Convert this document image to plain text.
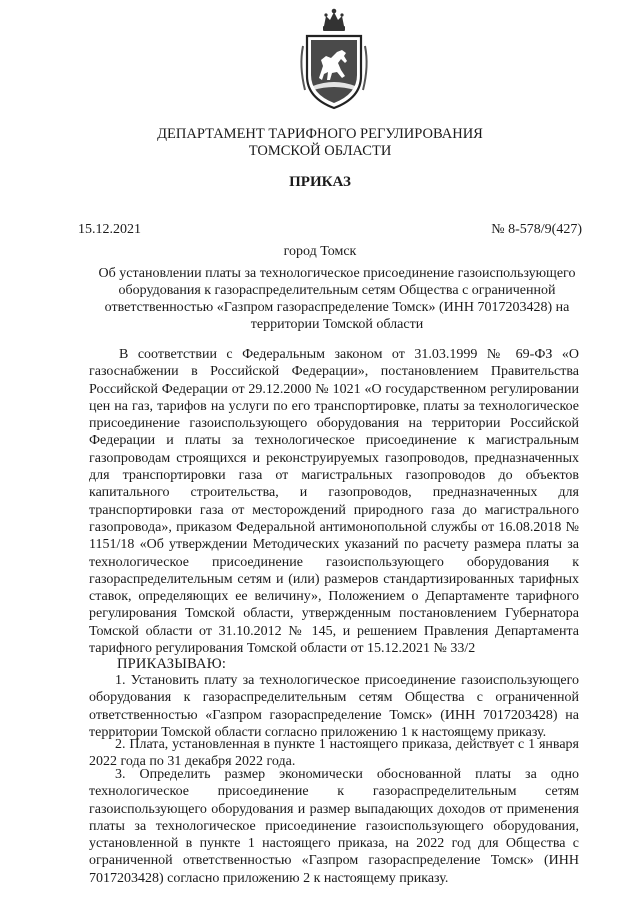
ДЕПАРТАМЕНТ ТАРИФНОГО РЕГУЛИРОВАНИЯ
ТОМСКОЙ ОБЛАСТИ
ПРИКАЗ
15.12.2021	№ 8-578/9(427)
город Томск
Об установлении платы за технологическое присоединение газоиспользующего оборудования к газораспределительным сетям Общества с ограниченной ответственностью «Газпром газораспределение Томск» (ИНН 7017203428) на территории Томской области

В соответствии с Федеральным законом от 31.03.1999 № 69-ФЗ «О газоснабжении в Российской Федерации», постановлением Правительства Российской Федерации от 29.12.2000 № 1021 «О государственном регулировании цен на газ, тарифов на услуги по его транспортировке, платы за технологическое присоединение газоиспользующего оборудования на территории Российской Федерации и платы за технологическое присоединение к магистральным газопроводам строящихся и реконструируемых газопроводов, предназначенных для транспортировки газа от магистральных газопроводов до объектов капитального строительства, и газопроводов, предназначенных для транспортировки газа от месторождений природного газа до магистрального газопровода», приказом Федеральной антимонопольной службы от 16.08.2018 № 1151/18 «Об утверждении Методических указаний по расчету размера платы за технологическое присоединение газоиспользующего оборудования к газораспределительным сетям и (или) размеров стандартизированных тарифных ставок, определяющих ее величину», Положением о Департаменте тарифного регулирования Томской области, утвержденным постановлением Губернатора Томской области от 31.10.2012 № 145, и решением Правления Департамента тарифного регулирования Томской области от 15.12.2021 № 33/2

ПРИКАЗЫВАЮ:

1. Установить плату за технологическое присоединение газоиспользующего оборудования к газораспределительным сетям Общества с ограниченной ответственностью «Газпром газораспределение Томск» (ИНН 7017203428) на территории Томской области согласно приложению 1 к настоящему приказу.

2. Плата, установленная в пункте 1 настоящего приказа, действует с 1 января 2022 года по 31 декабря 2022 года.

3. Определить размер экономически обоснованной платы за одно технологическое присоединение к газораспределительным сетям газоиспользующего оборудования и размер выпадающих доходов от применения платы за технологическое присоединение газоиспользующего оборудования, установленной в пункте 1 настоящего приказа, на 2022 год для Общества с ограниченной ответственностью «Газпром газораспределение Томск» (ИНН 7017203428) согласно приложению 2 к настоящему приказу.
